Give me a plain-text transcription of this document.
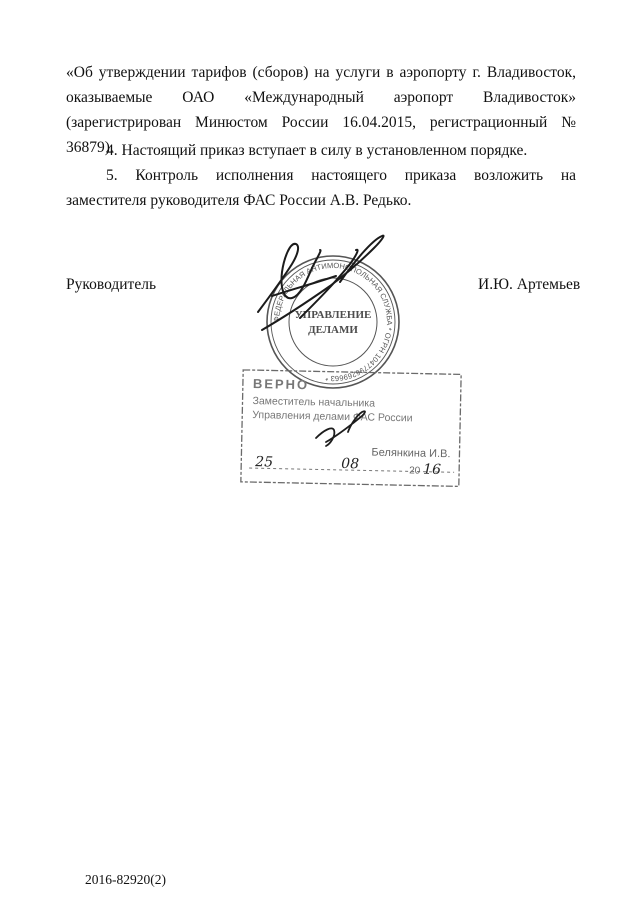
«Об утверждении тарифов (сборов) на услуги в аэропорту г. Владивосток, оказываемые ОАО «Международный аэропорт Владивосток» (зарегистрирован Минюстом России 16.04.2015, регистрационный № 36879).
4. Настоящий приказ вступает в силу в установленном порядке.
5. Контроль исполнения настоящего приказа возложить на заместителя руководителя ФАС России А.В. Редько.
Руководитель	И.Ю. Артемьев
ФЕДЕРАЛЬНАЯ АНТИМОНОПОЛЬНАЯ СЛУЖБА * ОГРН 1047796269663 *
УПРАВЛЕНИЕ
ДЕЛАМИ
ВЕРНО
Заместитель начальника
Управления делами ФАС России
Белянкина И.В.
25	08	20 16
2016-82920(2)
